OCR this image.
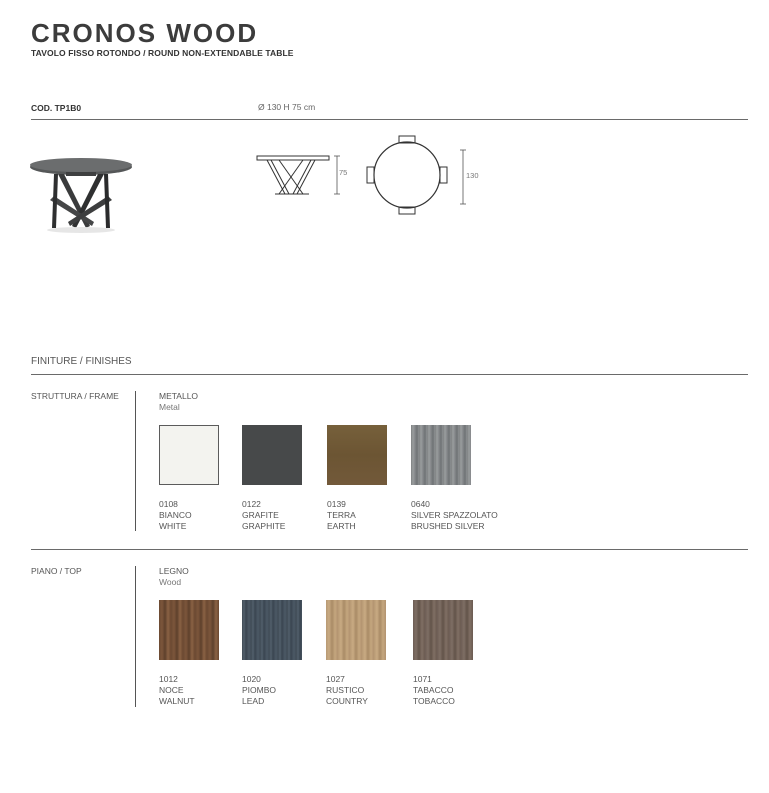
CRONOS WOOD
TAVOLO FISSO ROTONDO / ROUND NON-EXTENDABLE TABLE
COD. TP1B0	Ø 130 H 75 cm
75	130
FINITURE / FINISHES
STRUTTURA / FRAME	METALLO
Metal
0108
BIANCO
WHITE
0122
GRAFITE
GRAPHITE
0139
TERRA
EARTH
0640
SILVER SPAZZOLATO
BRUSHED SILVER
PIANO / TOP	LEGNO
Wood
1012
NOCE
WALNUT
1020
PIOMBO
LEAD
1027
RUSTICO
COUNTRY
1071
TABACCO
TOBACCO
